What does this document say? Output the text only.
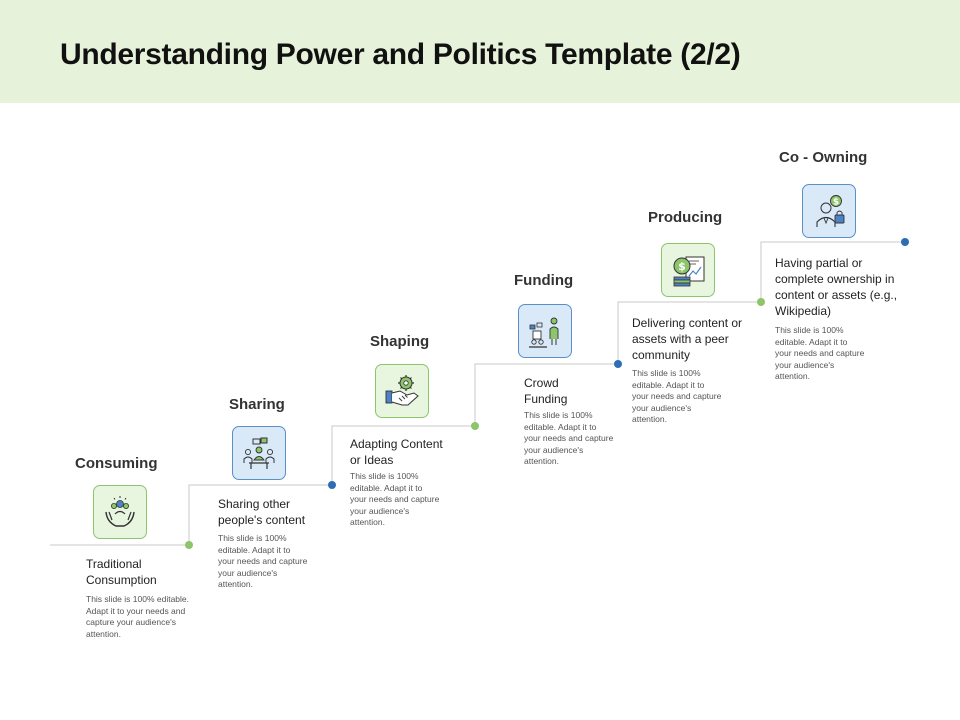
Understanding Power and Politics Template (2/2)
Consuming
Traditional Consumption
This slide is 100% editable. Adapt it to your needs and capture your audience's attention.
Sharing
Sharing other people's content
This slide is 100% editable. Adapt it to your needs and capture your audience's attention.
Shaping
Adapting Content or Ideas
This slide is 100% editable. Adapt it to your needs and capture your audience's attention.
Funding
Crowd Funding
This slide is 100% editable. Adapt it to your needs and capture your audience's attention.
Producing
$
Delivering content or assets with a peer community
This slide is 100% editable. Adapt it to your needs and capture your audience's attention.
Co - Owning
$
Having partial or complete ownership in content or assets (e.g., Wikipedia)
This slide is 100% editable. Adapt it to your needs and capture your audience's attention.
